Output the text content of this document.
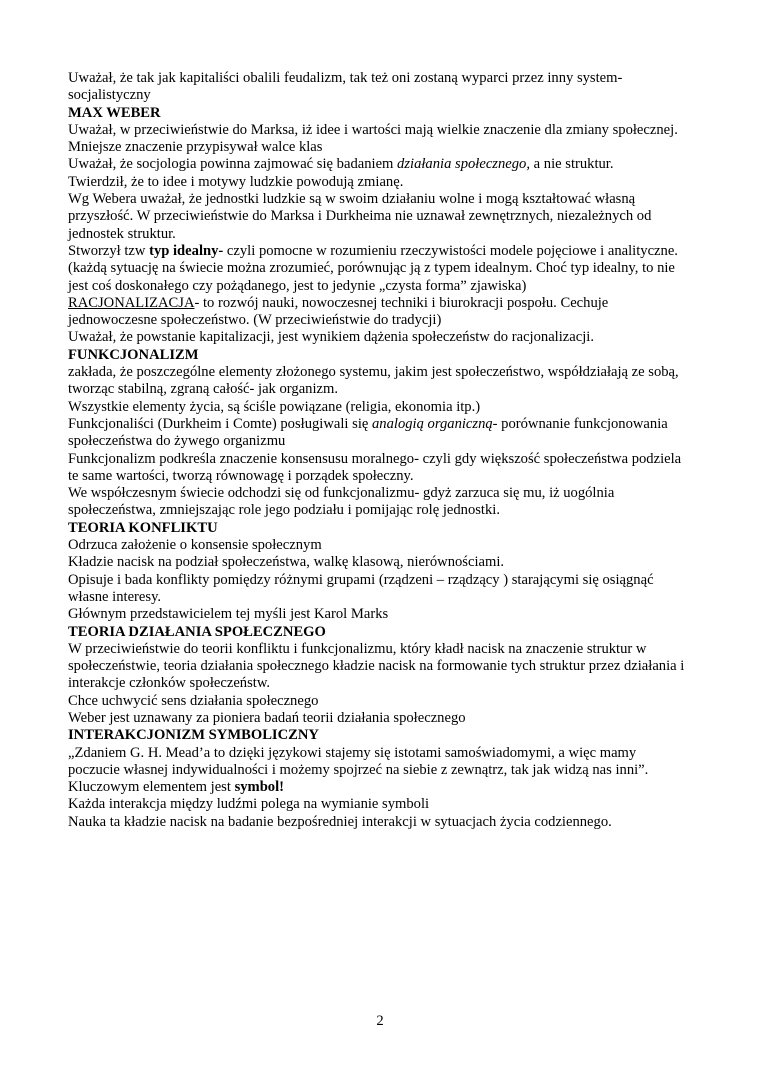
Uważał, że tak jak kapitaliści obalili feudalizm, tak też oni zostaną wyparci przez inny system-socjalistyczny

MAX WEBER

Uważał, w przeciwieństwie do Marksa, iż idee i wartości mają wielkie znaczenie dla zmiany społecznej.

Mniejsze znaczenie przypisywał walce klas

Uważał, że socjologia powinna zajmować się badaniem działania społecznego, a nie struktur.

Twierdził, że to idee i motywy ludzkie powodują zmianę.

Wg Webera uważał, że jednostki ludzkie są w swoim działaniu wolne i mogą kształtować własną przyszłość. W przeciwieństwie do Marksa i Durkheima nie uznawał zewnętrznych, niezależnych od jednostek struktur.

Stworzył tzw typ idealny- czyli pomocne w rozumieniu rzeczywistości modele pojęciowe i analityczne.(każdą sytuację na świecie można zrozumieć, porównując ją z typem idealnym. Choć typ idealny, to nie jest coś doskonałego czy pożądanego, jest to jedynie „czysta forma” zjawiska)

RACJONALIZACJA- to rozwój nauki, nowoczesnej techniki i biurokracji pospołu. Cechuje jednowoczesne społeczeństwo. (W przeciwieństwie do tradycji)

Uważał, że powstanie kapitalizacji, jest wynikiem dążenia społeczeństw do racjonalizacji.

FUNKCJONALIZM

zakłada, że poszczególne elementy złożonego systemu, jakim jest społeczeństwo, współdziałają ze sobą, tworząc stabilną, zgraną całość- jak organizm.

Wszystkie elementy życia, są ściśle powiązane (religia, ekonomia itp.)

Funkcjonaliści (Durkheim i Comte) posługiwali się analogią organiczną- porównanie funkcjonowania społeczeństwa do żywego organizmu

Funkcjonalizm podkreśla znaczenie konsensusu moralnego- czyli gdy większość społeczeństwa podziela te same wartości, tworzą równowagę i porządek społeczny.

We współczesnym świecie odchodzi się od funkcjonalizmu- gdyż zarzuca się mu, iż uogólnia społeczeństwa, zmniejszając role jego podziału i pomijając rolę jednostki.

TEORIA KONFLIKTU

Odrzuca założenie o konsensie społecznym

Kładzie nacisk na podział społeczeństwa, walkę klasową, nierównościami.

Opisuje i bada konflikty pomiędzy różnymi grupami (rządzeni – rządzący ) starającymi się osiągnąć własne interesy.

Głównym przedstawicielem tej myśli jest Karol Marks

TEORIA DZIAŁANIA SPOŁECZNEGO

W przeciwieństwie do teorii konfliktu i funkcjonalizmu, który kładł nacisk na znaczenie struktur w społeczeństwie, teoria działania społecznego kładzie nacisk na formowanie tych struktur przez działania i interakcje członków społeczeństw.

Chce uchwycić sens działania społecznego

Weber jest uznawany za pioniera badań teorii działania społecznego

INTERAKCJONIZM SYMBOLICZNY

„Zdaniem G. H. Mead’a to dzięki językowi stajemy się istotami samoświadomymi, a więc mamy poczucie własnej indywidualności i możemy spojrzeć na siebie z zewnątrz, tak jak widzą nas inni”.

Kluczowym elementem jest symbol!

Każda interakcja między ludźmi polega na wymianie symboli

Nauka ta kładzie nacisk na badanie bezpośredniej interakcji w sytuacjach życia codziennego.

2
